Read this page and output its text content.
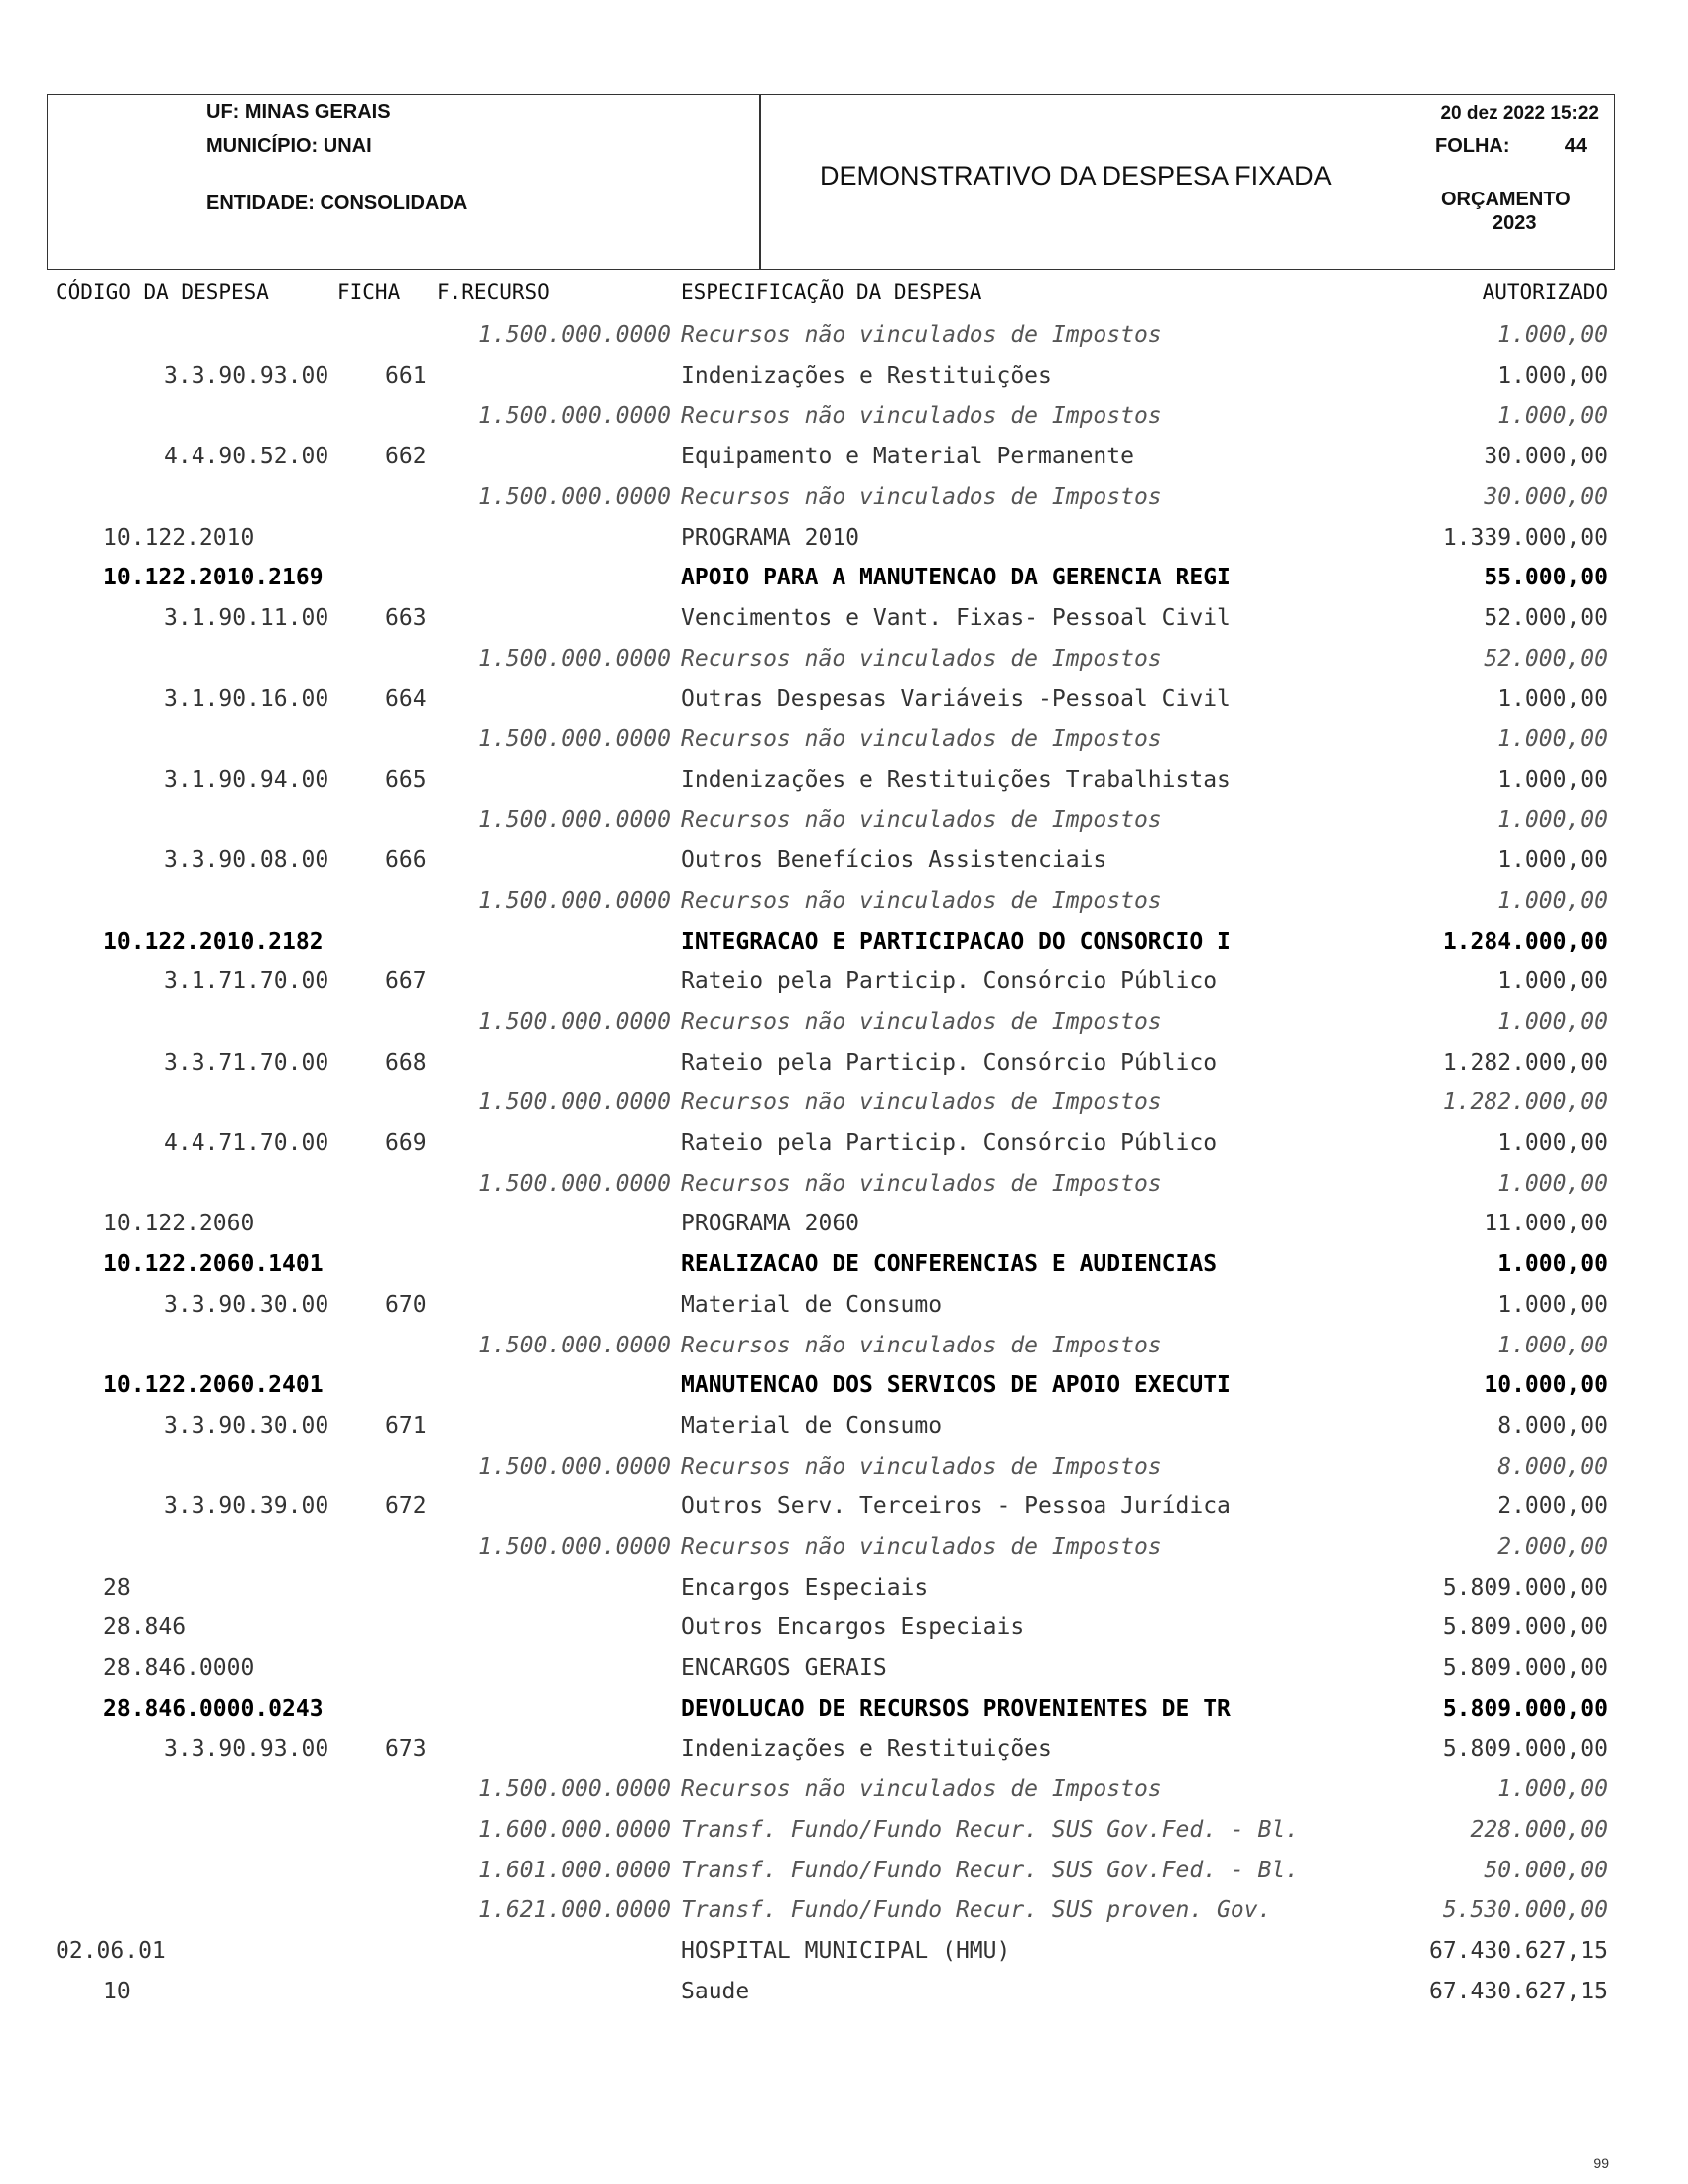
UF: MINAS GERAIS
MUNICÍPIO: UNAI
ENTIDADE: CONSOLIDADA
DEMONSTRATIVO DA DESPESA FIXADA
20 dez 2022 15:22
FOLHA:	44
ORÇAMENTO
2023
CÓDIGO DA DESPESA	FICHA F.RECURSO	ESPECIFICAÇÃO DA DESPESA	AUTORIZADO
1.500.000.0000 Recursos não vinculados de Impostos	1.000,00
3.3.90.93.00 661	Indenizações e Restituições	1.000,00
1.500.000.0000 Recursos não vinculados de Impostos	1.000,00
4.4.90.52.00 662	Equipamento e Material Permanente	30.000,00
1.500.000.0000 Recursos não vinculados de Impostos	30.000,00
10.122.2010	PROGRAMA 2010	1.339.000,00
10.122.2010.2169	APOIO PARA A MANUTENCAO DA GERENCIA REGI	55.000,00
3.1.90.11.00 663	Vencimentos e Vant. Fixas- Pessoal Civil	52.000,00
1.500.000.0000 Recursos não vinculados de Impostos	52.000,00
3.1.90.16.00 664	Outras Despesas Variáveis -Pessoal Civil	1.000,00
1.500.000.0000 Recursos não vinculados de Impostos	1.000,00
3.1.90.94.00 665	Indenizações e Restituições Trabalhistas	1.000,00
1.500.000.0000 Recursos não vinculados de Impostos	1.000,00
3.3.90.08.00 666	Outros Benefícios Assistenciais	1.000,00
1.500.000.0000 Recursos não vinculados de Impostos	1.000,00
10.122.2010.2182	INTEGRACAO E PARTICIPACAO DO CONSORCIO I	1.284.000,00
3.1.71.70.00 667	Rateio pela Particip. Consórcio Público	1.000,00
1.500.000.0000 Recursos não vinculados de Impostos	1.000,00
3.3.71.70.00 668	Rateio pela Particip. Consórcio Público	1.282.000,00
1.500.000.0000 Recursos não vinculados de Impostos	1.282.000,00
4.4.71.70.00 669	Rateio pela Particip. Consórcio Público	1.000,00
1.500.000.0000 Recursos não vinculados de Impostos	1.000,00
10.122.2060	PROGRAMA 2060	11.000,00
10.122.2060.1401	REALIZACAO DE CONFERENCIAS E AUDIENCIAS	1.000,00
3.3.90.30.00 670	Material de Consumo	1.000,00
1.500.000.0000 Recursos não vinculados de Impostos	1.000,00
10.122.2060.2401	MANUTENCAO DOS SERVICOS DE APOIO EXECUTI	10.000,00
3.3.90.30.00 671	Material de Consumo	8.000,00
1.500.000.0000 Recursos não vinculados de Impostos	8.000,00
3.3.90.39.00 672	Outros Serv. Terceiros - Pessoa Jurídica	2.000,00
1.500.000.0000 Recursos não vinculados de Impostos	2.000,00
28	Encargos Especiais	5.809.000,00
28.846	Outros Encargos Especiais	5.809.000,00
28.846.0000	ENCARGOS GERAIS	5.809.000,00
28.846.0000.0243	DEVOLUCAO DE RECURSOS PROVENIENTES DE TR	5.809.000,00
3.3.90.93.00 673	Indenizações e Restituições	5.809.000,00
1.500.000.0000 Recursos não vinculados de Impostos	1.000,00
1.600.000.0000 Transf. Fundo/Fundo Recur. SUS Gov.Fed. - Bl.	228.000,00
1.601.000.0000 Transf. Fundo/Fundo Recur. SUS Gov.Fed. - Bl.	50.000,00
1.621.000.0000 Transf. Fundo/Fundo Recur. SUS proven. Gov.	5.530.000,00
02.06.01	HOSPITAL MUNICIPAL (HMU)	67.430.627,15
10	Saude	67.430.627,15
99
